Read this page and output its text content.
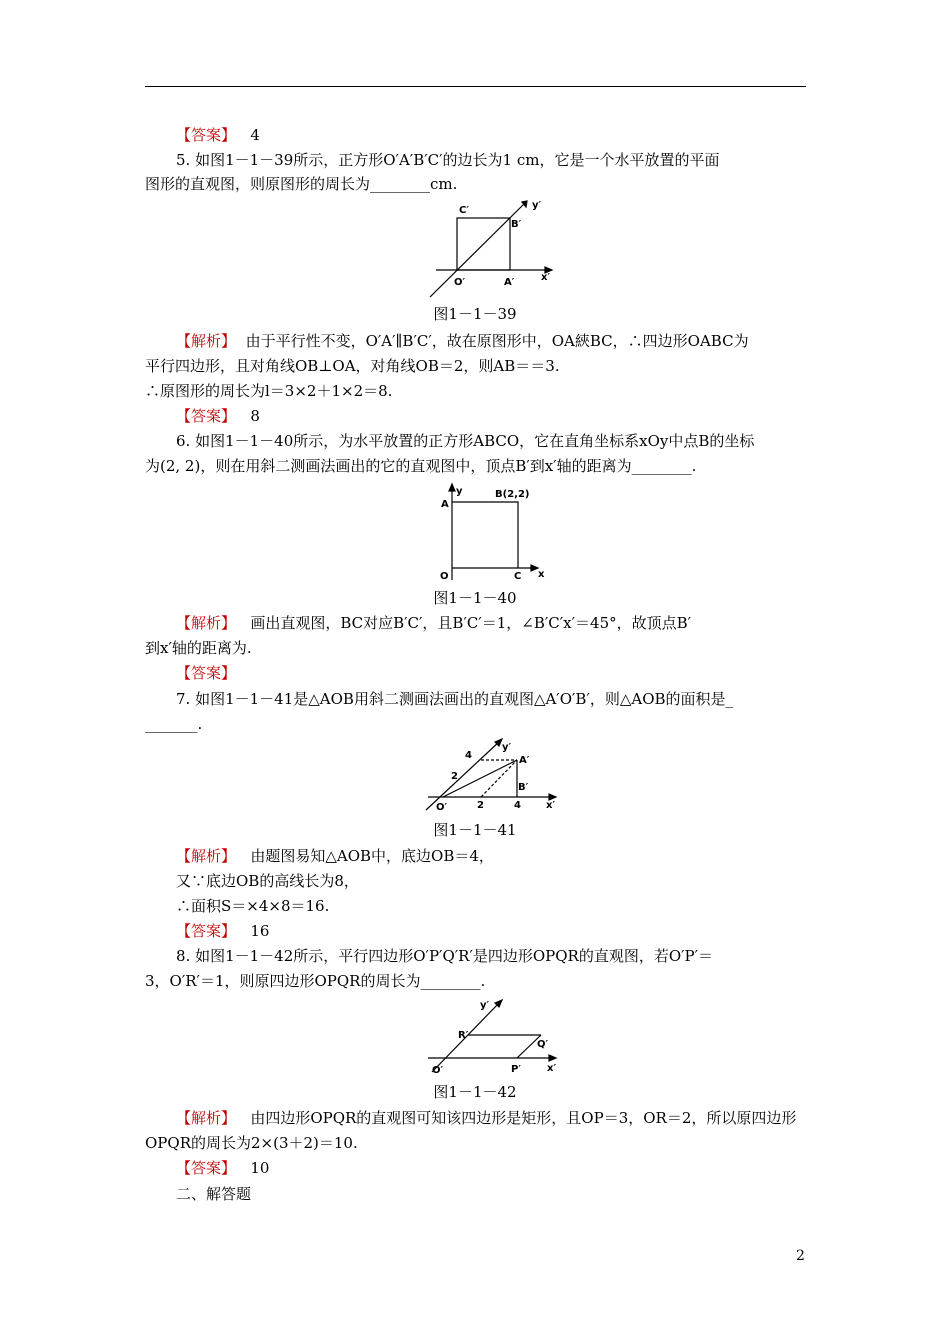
【答案】 4
5. 如图1－1－39所示，正方形O′A′B′C′的边长为1 cm，它是一个水平放置的平面
图形的直观图，则原图形的周长为________cm.
C′
B′
O′	A′	x′
y′
图1－1－39
【解析】 由于平行性不变，O′A′∥B′C′，故在原图形中，OA綊BC，∴四边形OABC为
平行四边形，且对角线OB⊥OA，对角线OB＝2，则AB＝＝3.
∴原图形的周长为l＝3×2＋1×2＝8.
【答案】 8
6. 如图1－1－40所示，为水平放置的正方形ABCO，它在直角坐标系xOy中点B的坐标
为(2, 2)，则在用斜二测画法画出的它的直观图中，顶点B′到x′轴的距离为________.
A
y	B(2,2)
O	C x
图1－1－40
【解析】 画出直观图，BC对应B′C′，且B′C′＝1，∠B′C′x′＝45°，故顶点B′
到x′轴的距离为.
【答案】
7. 如图1－1－41是△AOB用斜二测画法画出的直观图△A′O′B′，则△AOB的面积是_
_______.
4
y′
A′
2
B′
O′	2	4	x′
图1－1－41
【解析】 由题图易知△AOB中，底边OB＝4，
又∵底边OB的高线长为8，
∴面积S＝×4×8＝16.
【答案】 16
8. 如图1－1－42所示，平行四边形O′P′Q′R′是四边形OPQR的直观图，若O′P′＝
3，O′R′＝1，则原四边形OPQR的周长为________.
y′
R′
Q′
O′	P′	x′
图1－1－42
【解析】 由四边形OPQR的直观图可知该四边形是矩形，且OP＝3，OR＝2，所以原四边形
OPQR的周长为2×(3＋2)＝10.
【答案】 10
二、解答题
2
